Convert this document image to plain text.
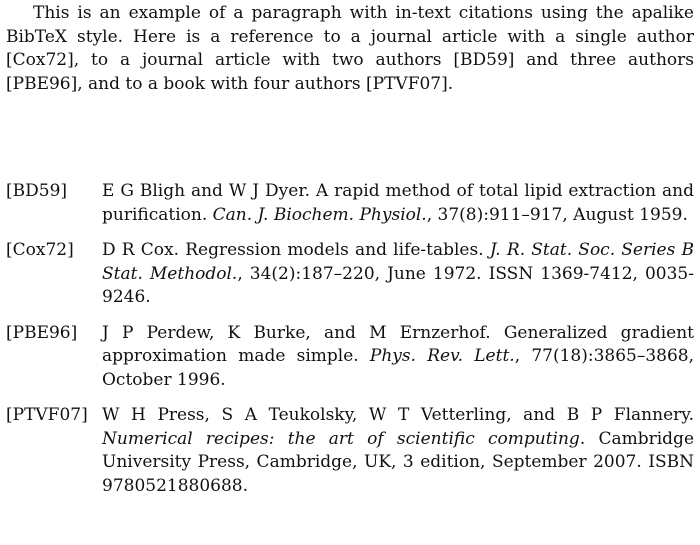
This is an example of a paragraph with in-text citations using the apalike BibTeX style. Here is a reference to a journal article with a single author [Cox72], to a journal article with two authors [BD59] and three authors [PBE96], and to a book with four authors [PTVF07].

[BD59]	E G Bligh and W J Dyer. A rapid method of total lipid extraction and purification. Can. J. Biochem. Physiol., 37(8):911–917, August 1959.
[Cox72]	D R Cox. Regression models and life-tables. J. R. Stat. Soc. Series B Stat. Methodol., 34(2):187–220, June 1972. ISSN 1369-7412, 0035-9246.
[PBE96]	J P Perdew, K Burke, and M Ernzerhof. Generalized gradient approximation made simple. Phys. Rev. Lett., 77(18):3865–3868, October 1996.
[PTVF07] W H Press, S A Teukolsky, W T Vetterling, and B P Flannery. Numerical recipes: the art of scientific computing. Cambridge University Press, Cambridge, UK, 3 edition, September 2007. ISBN 9780521880688.
